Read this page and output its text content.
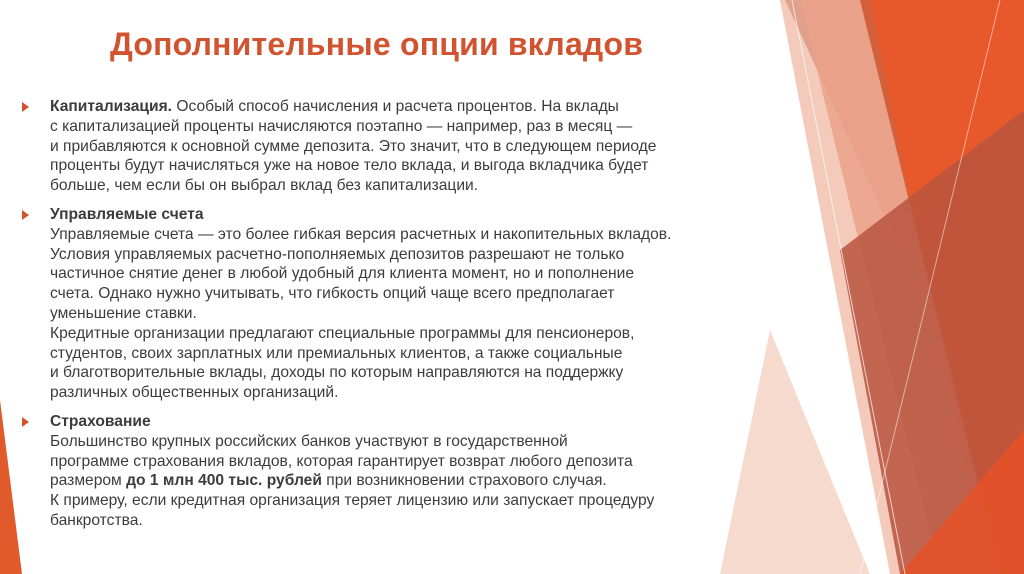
Дополнительные опции вкладов
Капитализация. Особый способ начисления и расчета процентов. На вклады
с капитализацией проценты начисляются поэтапно — например, раз в месяц —
и прибавляются к основной сумме депозита. Это значит, что в следующем периоде
проценты будут начисляться уже на новое тело вклада, и выгода вкладчика будет
больше, чем если бы он выбрал вклад без капитализации.
Управляемые счета
Управляемые счета — это более гибкая версия расчетных и накопительных вкладов.
Условия управляемых расчетно-пополняемых депозитов разрешают не только
частичное снятие денег в любой удобный для клиента момент, но и пополнение
счета. Однако нужно учитывать, что гибкость опций чаще всего предполагает
уменьшение ставки.
Кредитные организации предлагают специальные программы для пенсионеров,
студентов, своих зарплатных или премиальных клиентов, а также социальные
и благотворительные вклады, доходы по которым направляются на поддержку
различных общественных организаций.
Страхование
Большинство крупных российских банков участвуют в государственной
программе страхования вкладов, которая гарантирует возврат любого депозита
размером до 1 млн 400 тыс. рублей при возникновении страхового случая.
К примеру, если кредитная организация теряет лицензию или запускает процедуру
банкротства.
